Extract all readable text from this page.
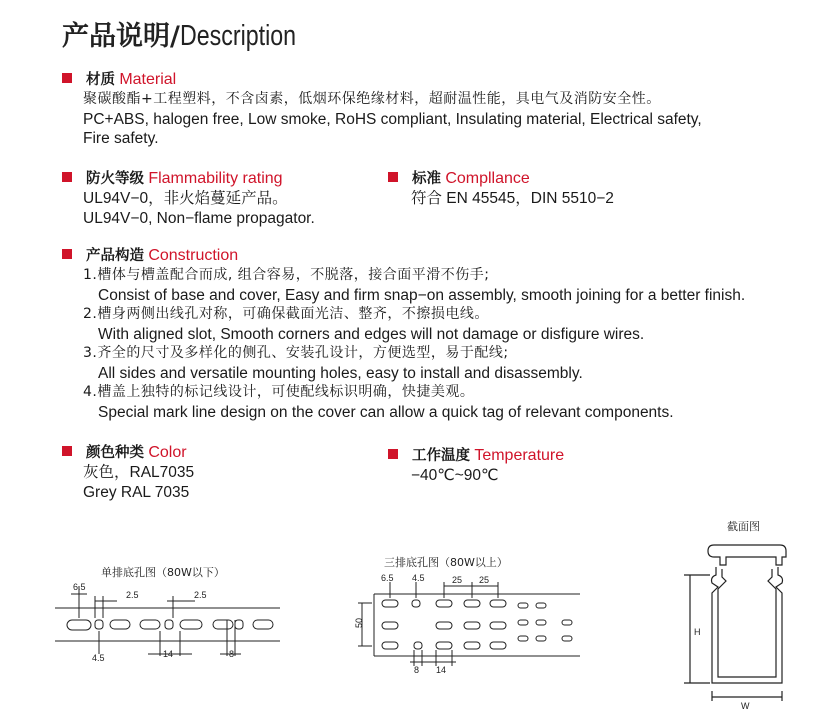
产品说明/Description
材质 Material
聚碳酸酯+工程塑料，不含卤素，低烟环保绝缘材料，超耐温性能，具电气及消防安全性。
PC+ABS, halogen free, Low smoke, RoHS compliant, Insulating material, Electrical safety,
Fire safety.
防火等级 Flammability rating
UL94V−0，非火焰蔓延产品。
UL94V−0, Non−flame propagator.
标准 Compllance
符合 EN 45545，DIN 5510−2
产品构造 Construction
1.槽体与槽盖配合而成, 组合容易，不脱落，接合面平滑不伤手;
Consist of base and cover, Easy and firm snap−on assembly, smooth joining for a better finish.
2.槽身两侧出线孔对称，可确保截面光洁、整齐，不擦损电线。
With aligned slot, Smooth corners and edges will not damage or disfigure wires.
3.齐全的尺寸及多样化的侧孔、安装孔设计，方便选型，易于配线;
All sides and versatile mounting holes, easy to install and disassembly.
4.槽盖上独特的标记线设计，可使配线标识明确，快捷美观。
Special mark line design on the cover can allow a quick tag of relevant components.
颜色种类 Color
灰色，RAL7035
Grey RAL 7035
工作温度 Temperature
−40℃~90℃
单排底孔图（80W以下）
6.5
2.5	2.5
4.5	14	8
三排底孔图（80W以上）
6.5 4.5	25 25
50
8 14
截面图
H
W
